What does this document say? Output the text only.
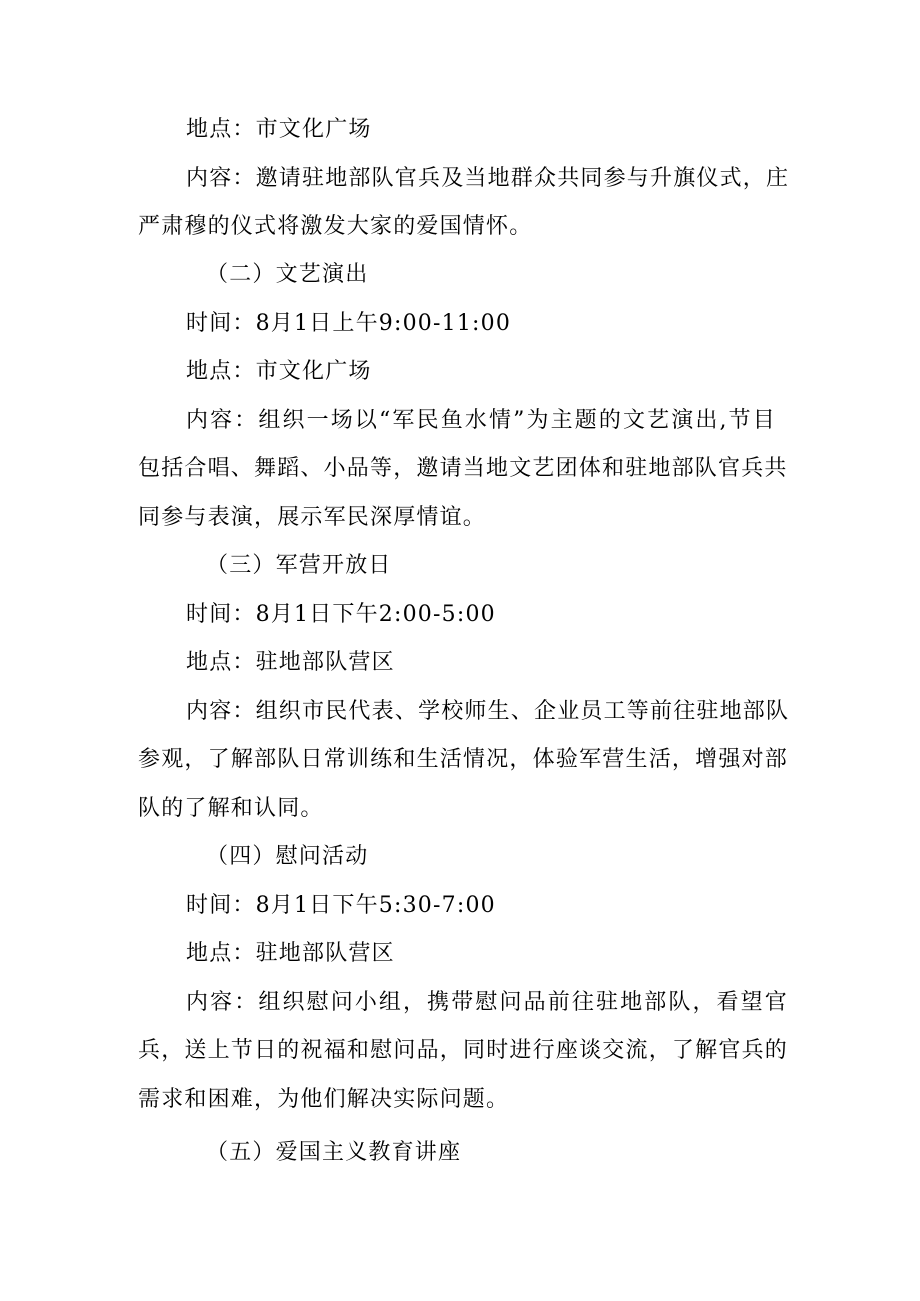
地点：市文化广场
内容：邀请驻地部队官兵及当地群众共同参与升旗仪式，庄
严肃穆的仪式将激发大家的爱国情怀。
（二）文艺演出
时间：8月1日上午9:00-11:00
地点：市文化广场
内容：组织一场以“军民鱼水情”为主题的文艺演出,节目
包括合唱、舞蹈、小品等，邀请当地文艺团体和驻地部队官兵共
同参与表演，展示军民深厚情谊。
（三）军营开放日
时间：8月1日下午2:00-5:00
地点：驻地部队营区
内容：组织市民代表、学校师生、企业员工等前往驻地部队
参观，了解部队日常训练和生活情况，体验军营生活，增强对部
队的了解和认同。
（四）慰问活动
时间：8月1日下午5:30-7:00
地点：驻地部队营区
内容：组织慰问小组，携带慰问品前往驻地部队，看望官
兵，送上节日的祝福和慰问品，同时进行座谈交流，了解官兵的
需求和困难，为他们解决实际问题。
（五）爱国主义教育讲座
